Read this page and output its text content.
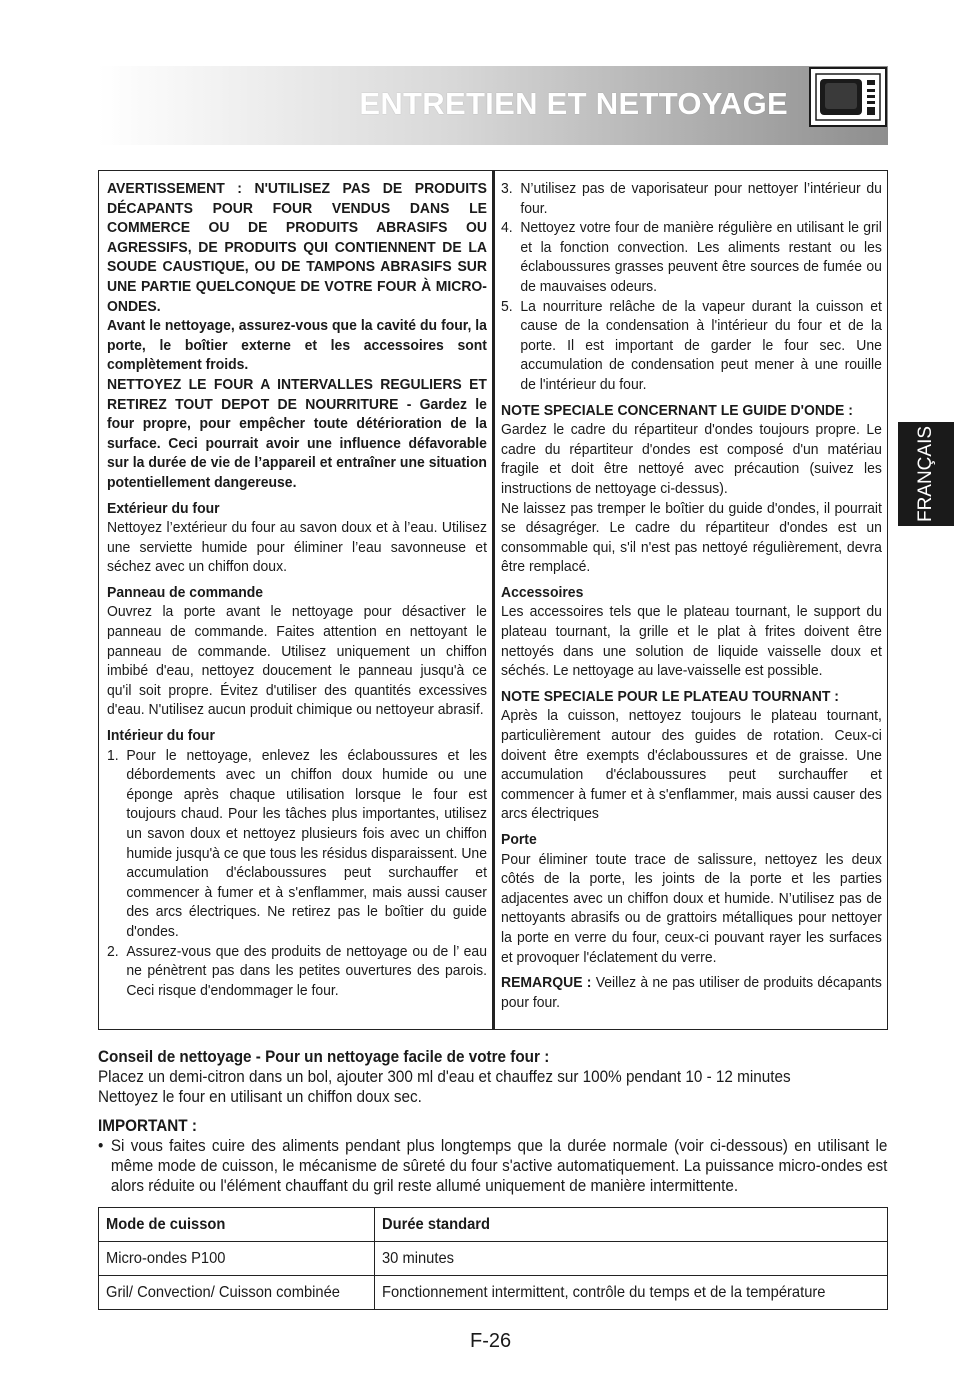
ENTRETIEN ET NETTOYAGE
FRANÇAIS
AVERTISSEMENT : N'UTILISEZ PAS DE PRODUITS DÉCAPANTS POUR FOUR VENDUS DANS LE COMMERCE OU DE PRODUITS ABRASIFS OU AGRESSIFS, DE PRODUITS QUI CONTIENNENT DE LA SOUDE CAUSTIQUE, OU DE TAMPONS ABRASIFS SUR UNE PARTIE QUELCONQUE DE VOTRE FOUR À MICRO-ONDES.
Avant le nettoyage, assurez-vous que la cavité du four, la porte, le boîtier externe et les accessoires sont complètement froids.
NETTOYEZ LE FOUR A INTERVALLES REGULIERS ET RETIREZ TOUT DEPOT DE NOURRITURE - Gardez le four propre, pour empêcher toute détérioration de la surface. Ceci pourrait avoir une influence défavorable sur la durée de vie de l’appareil et entraîner une situation potentiellement dangereuse.
Extérieur du four
Nettoyez l’extérieur du four au savon doux et à l’eau. Utilisez une serviette humide pour éliminer l’eau savonneuse et séchez avec un chiffon doux.
Panneau de commande
Ouvrez la porte avant le nettoyage pour désactiver le panneau de commande. Faites attention en nettoyant le panneau de commande. Utilisez uniquement un chiffon imbibé d'eau, nettoyez doucement le panneau jusqu'à ce qu'il soit propre. Évitez d'utiliser des quantités excessives d'eau. N'utilisez aucun produit chimique ou nettoyeur abrasif.
Intérieur du four
1. Pour le nettoyage, enlevez les éclaboussures et les débordements avec un chiffon doux humide ou une éponge après chaque utilisation lorsque le four est toujours chaud. Pour les tâches plus importantes, utilisez un savon doux et nettoyez plusieurs fois avec un chiffon humide jusqu'à ce que tous les résidus disparaissent. Une accumulation d'éclaboussures peut surchauffer et commencer à fumer et à s'enflammer, mais aussi causer des arcs électriques. Ne retirez pas le boîtier du guide d'ondes.
2. Assurez-vous que des produits de nettoyage ou de l’ eau ne pénètrent pas dans les petites ouvertures des parois. Ceci risque d'endommager le four.
3. N’utilisez pas de vaporisateur pour nettoyer l’intérieur du four.
4. Nettoyez votre four de manière régulière en utilisant le gril et la fonction convection. Les aliments restant ou les éclaboussures grasses peuvent être sources de fumée ou de mauvaises odeurs.
5. La nourriture relâche de la vapeur durant la cuisson et cause de la condensation à l'intérieur du four et de la porte. Il est important de garder le four sec. Une accumulation de condensation peut mener à une rouille de l'intérieur du four.
NOTE SPECIALE CONCERNANT LE GUIDE D'ONDE :
Gardez le cadre du répartiteur d'ondes toujours propre. Le cadre du répartiteur d'ondes est composé d'un matériau fragile et doit être nettoyé avec précaution (suivez les instructions de nettoyage ci-dessus).
Ne laissez pas tremper le boîtier du guide d'ondes, il pourrait se désagréger. Le cadre du répartiteur d'ondes est un consommable qui, s'il n'est pas nettoyé régulièrement, devra être remplacé.
Accessoires
Les accessoires tels que le plateau tournant, le support du plateau tournant, la grille et le plat à frites doivent être nettoyés dans une solution de liquide vaisselle doux et séchés. Le nettoyage au lave-vaisselle est possible.
NOTE SPECIALE POUR LE PLATEAU TOURNANT :
Après la cuisson, nettoyez toujours le plateau tournant, particulièrement autour des guides de rotation. Ceux-ci doivent être exempts d'éclaboussures et de graisse. Une accumulation d'éclaboussures peut surchauffer et commencer à fumer et à s'enflammer, mais aussi causer des arcs électriques
Porte
Pour éliminer toute trace de salissure, nettoyez les deux côtés de la porte, les joints de la porte et les parties adjacentes avec un chiffon doux et humide. N’utilisez pas de nettoyants abrasifs ou de grattoirs métalliques pour nettoyer la porte en verre du four, ceux-ci pouvant rayer les surfaces et provoquer l'éclatement du verre.
REMARQUE : Veillez à ne pas utiliser de produits décapants pour four.
Conseil de nettoyage - Pour un nettoyage facile de votre four :
Placez un demi-citron dans un bol, ajouter 300 ml d'eau et chauffez sur 100% pendant 10 - 12 minutes
Nettoyez le four en utilisant un chiffon doux sec.
IMPORTANT :
• Si vous faites cuire des aliments pendant plus longtemps que la durée normale (voir ci-dessous) en utilisant le même mode de cuisson, le mécanisme de sûreté du four s'active automatiquement. La puissance micro-ondes est alors réduite ou l'élément chauffant du gril reste allumé uniquement de manière intermittente.
Mode de cuisson	Durée standard
Micro-ondes P100	30 minutes
Gril/ Convection/ Cuisson combinée	Fonctionnement intermittent, contrôle du temps et de la température
F-26
